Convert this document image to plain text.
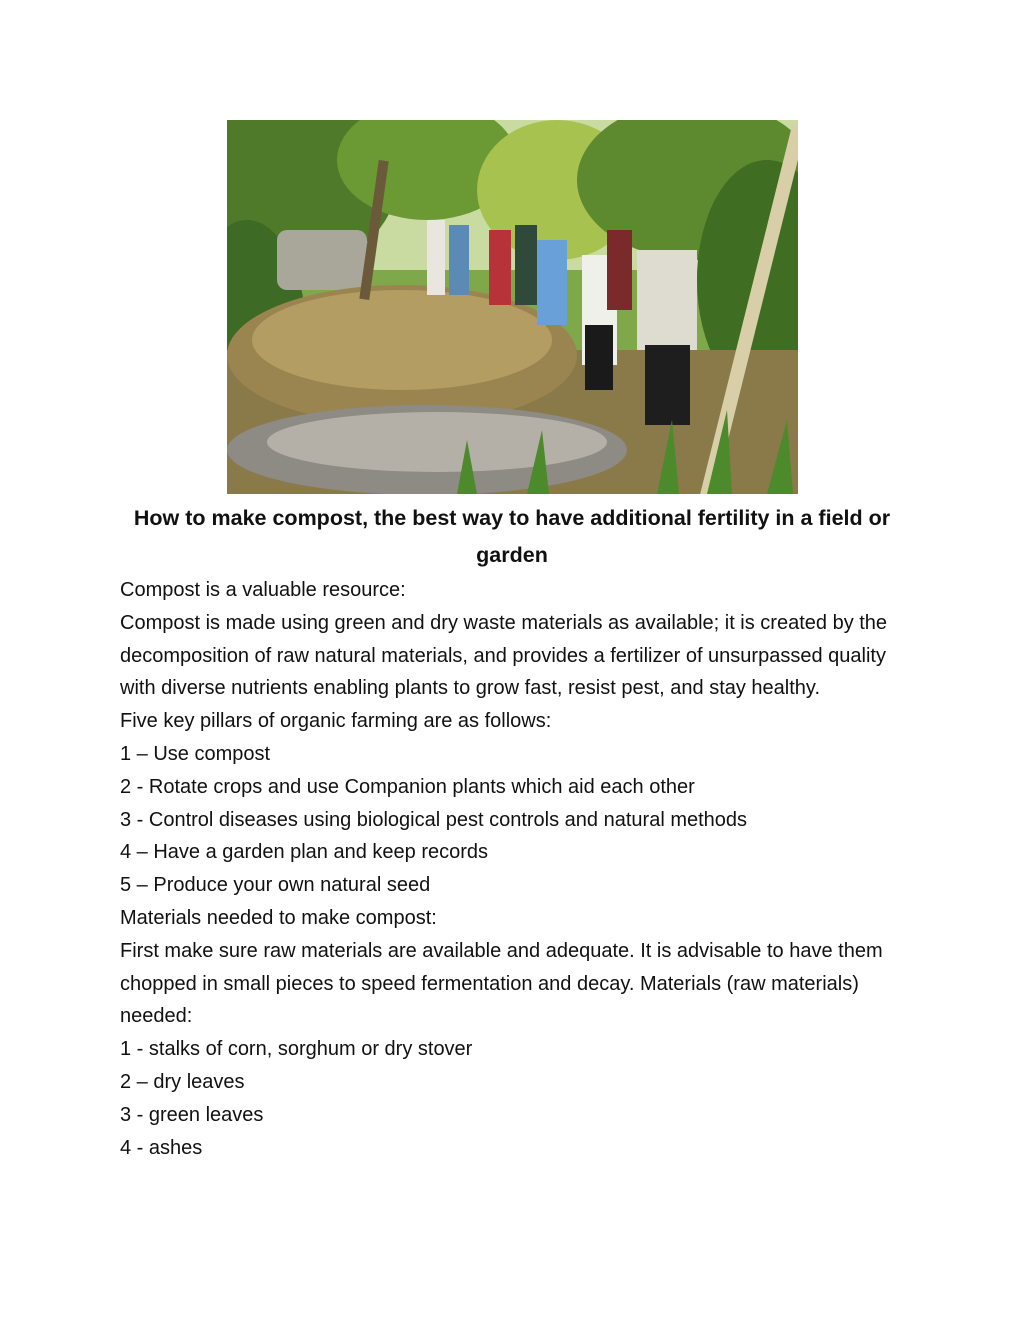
How to make compost, the best way to have additional fertility in a field or garden

Compost is a valuable resource:

Compost is made using green and dry waste materials as available; it is created by the decomposition of raw natural materials, and provides a fertilizer of unsurpassed quality with diverse nutrients enabling plants to grow fast, resist pest, and stay healthy.

Five key pillars of organic farming are as follows:

1 – Use compost

2 - Rotate crops and use Companion plants which aid each other

3 - Control diseases using biological pest controls and natural methods

4 – Have a garden plan and keep records

5 – Produce your own natural seed

Materials needed to make compost:

First make sure raw materials are available and adequate. It is advisable to have them chopped in small pieces to speed fermentation and decay. Materials (raw materials) needed:

1 - stalks of corn, sorghum or dry stover

2 – dry leaves

3 - green leaves

4 - ashes
